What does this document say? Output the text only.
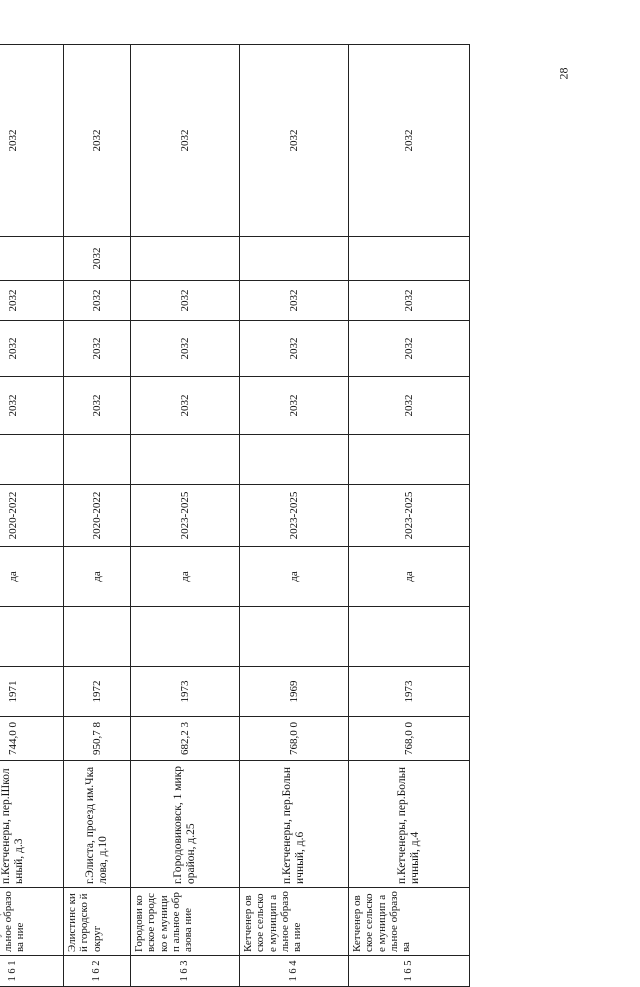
28

1 6 1	льное образова ние	п.Кетченеры, пер.Школьный, д.3	744,0 0	1971		да	2020-2022		2032	2032	2032		2032
1 6 2	Элистинс кий городско й округ	г.Элиста, проезд им.Чкалова, д.10	950,7 8	1972		да	2020-2022		2032	2032	2032	2032	2032
1 6 3	Городови ковское городско е муницип альное образова ние	г.Городовиковск, 1 микрорайон, д.25	682,2 3	1973		да	2023-2025		2032	2032	2032		2032
1 6 4	Кетченер овское сельское муницип альное образова ние	п.Кетченеры, пер.Больничный, д.6	768,0 0	1969		да	2023-2025		2032	2032	2032		2032
1 6 5	Кетченер овское сельское муницип альное образова	п.Кетченеры, пер.Больничный, д.4	768,0 0	1973		да	2023-2025		2032	2032	2032		2032
